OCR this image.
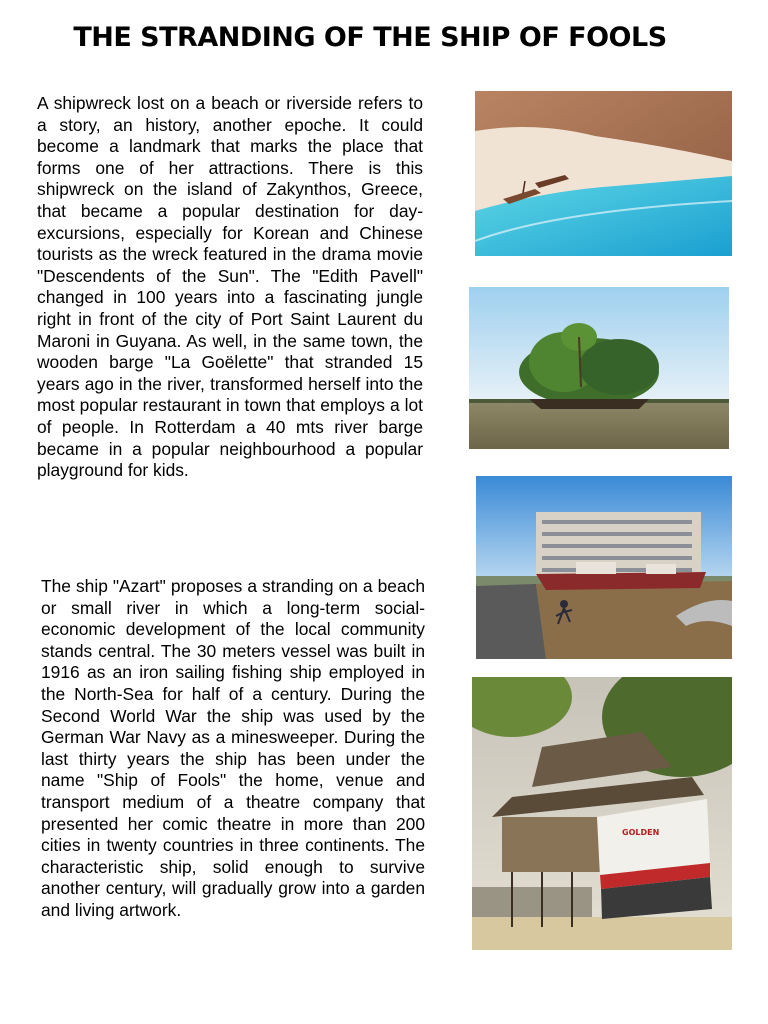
THE STRANDING OF THE SHIP OF FOOLS

A shipwreck lost on a beach or riverside refers to a story, an history, another epoche. It could become a landmark that marks the place that forms one of her attractions. There is this shipwreck on the island of Zakynthos, Greece, that became a popular destination for day-excursions, especially for Korean and Chinese tourists as the wreck featured in the drama movie "Descendents of the Sun". The "Edith Pavell" changed in 100 years into a fascinating jungle right in front of the city of Port Saint Laurent du Maroni in Guyana. As well, in the same town, the wooden barge "La Goëlette" that stranded 15 years ago in the river, transformed herself into the most popular restaurant in town that employs a lot of people. In Rotterdam a 40 mts river barge became in a popular neighbourhood a popular playground for kids.

The ship "Azart" proposes a stranding on a beach or small river in which a long-term social-economic development of the local community stands central. The 30 meters vessel was built in 1916 as an iron sailing fishing ship employed in the North-Sea for half of a century. During the Second World War the ship was used by the German War Navy as a minesweeper. During the last thirty years the ship has been under the name "Ship of Fools" the home, venue and transport medium of a theatre company that presented her comic theatre in more than 200 cities in twenty countries in three continents. The characteristic ship, solid enough to survive another century, will gradually grow into a garden and living artwork.

GOLDEN
